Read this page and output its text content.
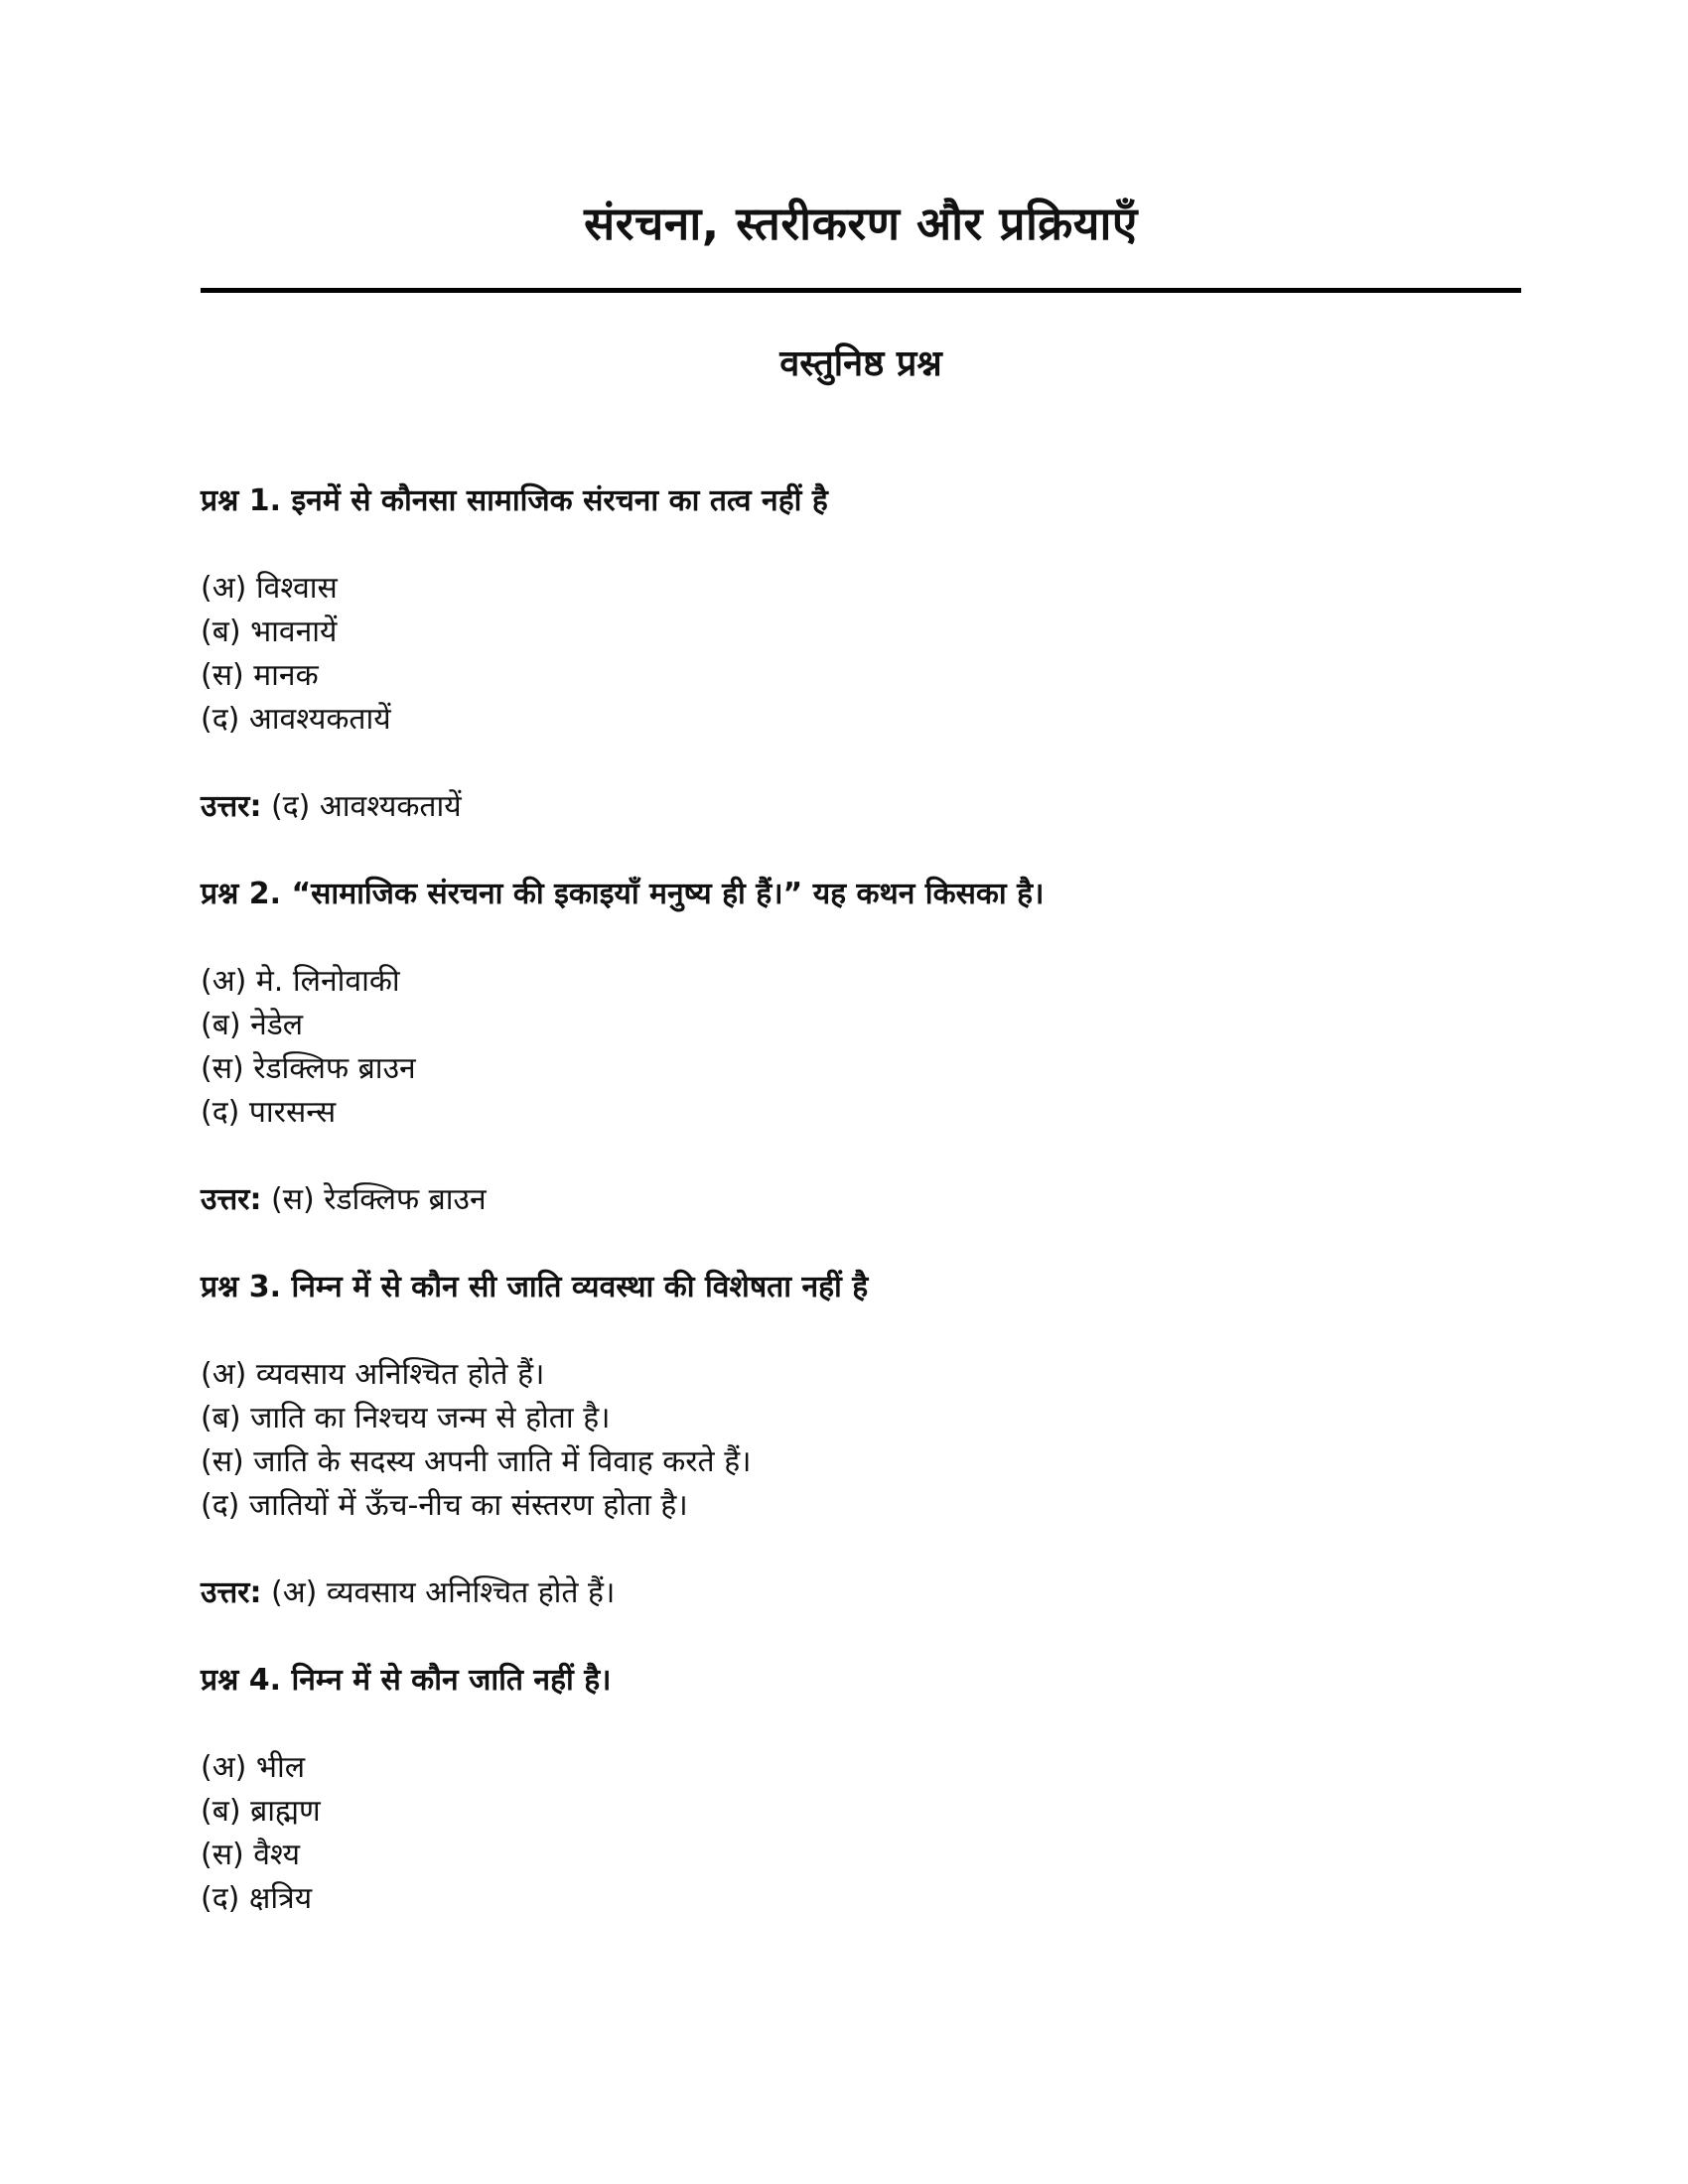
संरचना, स्तरीकरण और प्रक्रियाएँ
वस्तुनिष्ठ प्रश्न

प्रश्न 1. इनमें से कौनसा सामाजिक संरचना का तत्व नहीं है

(अ) विश्वास
(ब) भावनायें
(स) मानक
(द) आवश्यकतायें

उत्तर: (द) आवश्यकतायें

प्रश्न 2. “सामाजिक संरचना की इकाइयाँ मनुष्य ही हैं।” यह कथन किसका है।

(अ) मे. लिनोवाकी
(ब) नेडेल
(स) रेडक्लिफ ब्राउन
(द) पारसन्स

उत्तर: (स) रेडक्लिफ ब्राउन

प्रश्न 3. निम्न में से कौन सी जाति व्यवस्था की विशेषता नहीं है

(अ) व्यवसाय अनिश्चित होते हैं।
(ब) जाति का निश्चय जन्म से होता है।
(स) जाति के सदस्य अपनी जाति में विवाह करते हैं।
(द) जातियों में ऊँच-नीच का संस्तरण होता है।

उत्तर: (अ) व्यवसाय अनिश्चित होते हैं।

प्रश्न 4. निम्न में से कौन जाति नहीं है।

(अ) भील
(ब) ब्राह्मण
(स) वैश्य
(द) क्षत्रिय
